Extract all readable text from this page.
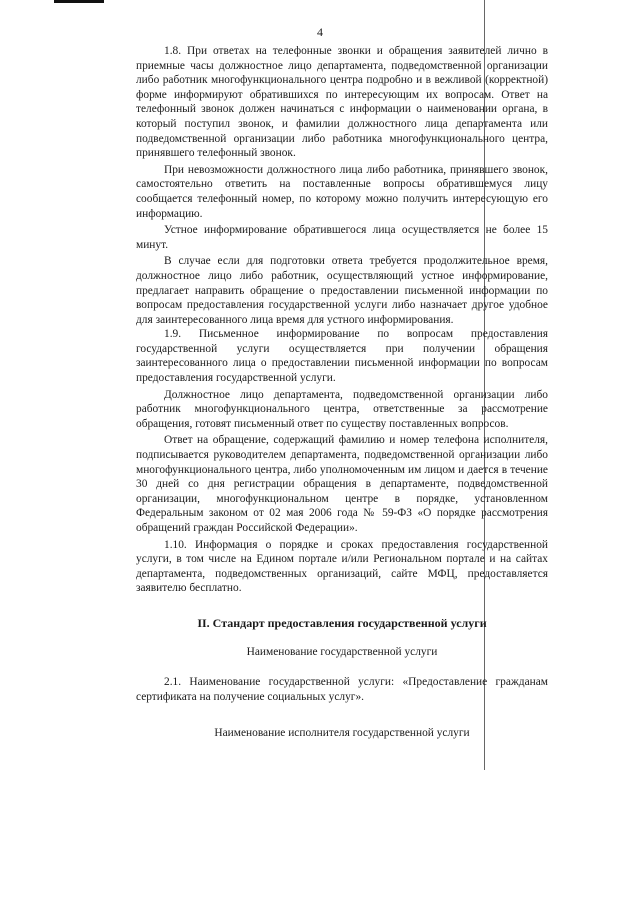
4

1.8. При ответах на телефонные звонки и обращения заявителей лично в приемные часы должностное лицо департамента, подведомственной организации либо работник многофункционального центра подробно и в вежливой (корректной) форме информируют обратившихся по интересующим их вопросам. Ответ на телефонный звонок должен начинаться с информации о наименовании органа, в который поступил звонок, и фамилии должностного лица департамента или подведомственной организации либо работника многофункционального центра, принявшего телефонный звонок.

При невозможности должностного лица либо работника, принявшего звонок, самостоятельно ответить на поставленные вопросы обратившемуся лицу сообщается телефонный номер, по которому можно получить интересующую его информацию.

Устное информирование обратившегося лица осуществляется не более 15 минут.

В случае если для подготовки ответа требуется продолжительное время, должностное лицо либо работник, осуществляющий устное информирование, предлагает направить обращение о предоставлении письменной информации по вопросам предоставления государственной услуги либо назначает другое удобное для заинтересованного лица время для устного информирования.

1.9. Письменное информирование по вопросам предоставления государственной услуги осуществляется при получении обращения заинтересованного лица о предоставлении письменной информации по вопросам предоставления государственной услуги.

Должностное лицо департамента, подведомственной организации либо работник многофункционального центра, ответственные за рассмотрение обращения, готовят письменный ответ по существу поставленных вопросов.

Ответ на обращение, содержащий фамилию и номер телефона исполнителя, подписывается руководителем департамента, подведомственной организации либо многофункционального центра, либо уполномоченным им лицом и дается в течение 30 дней со дня регистрации обращения в департаменте, подведомственной организации, многофункциональном центре в порядке, установленном Федеральным законом от 02 мая 2006 года № 59-ФЗ «О порядке рассмотрения обращений граждан Российской Федерации».

1.10. Информация о порядке и сроках предоставления государственной услуги, в том числе на Едином портале и/или Региональном портале и на сайтах департамента, подведомственных организаций, сайте МФЦ, предоставляется заявителю бесплатно.

II. Стандарт предоставления государственной услуги

Наименование государственной услуги

2.1. Наименование государственной услуги: «Предоставление гражданам сертификата на получение социальных услуг».

Наименование исполнителя государственной услуги
